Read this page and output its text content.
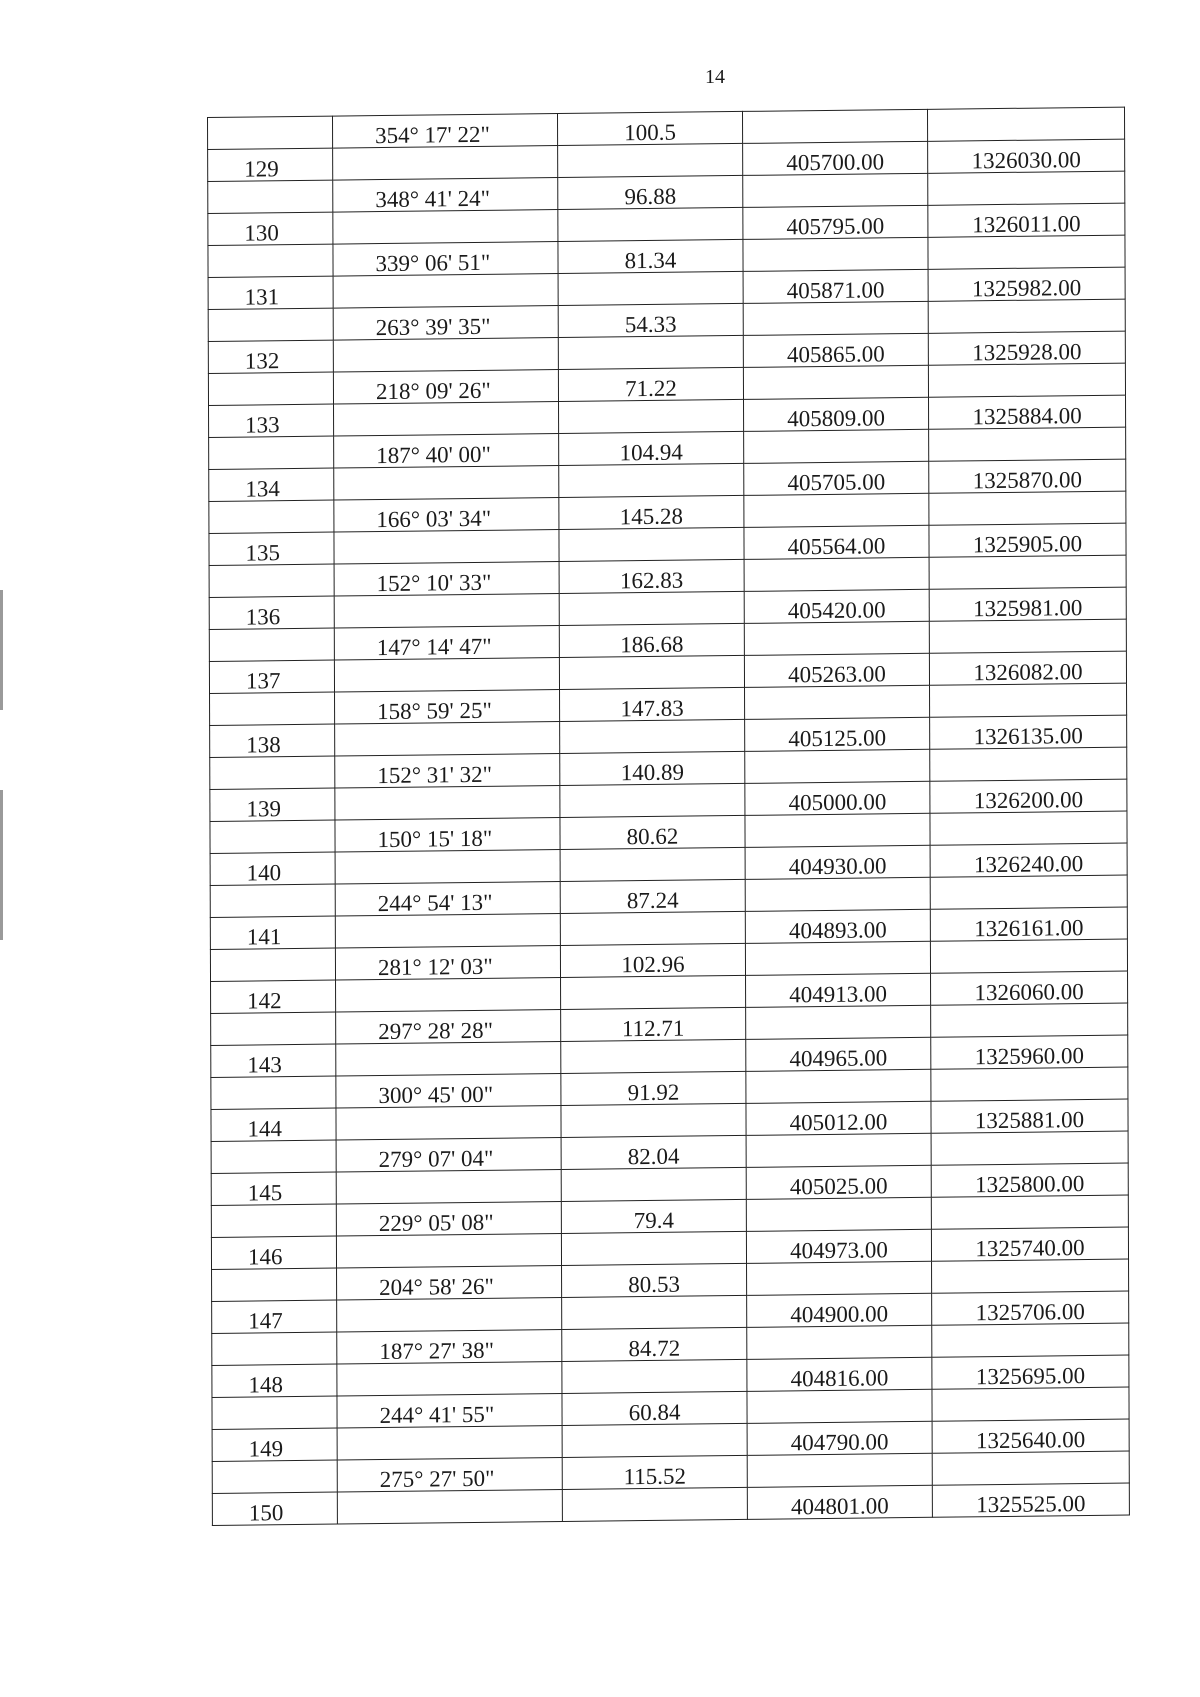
14
	354° 17' 22"	100.5		
129			405700.00	1326030.00
	348° 41' 24"	96.88		
130			405795.00	1326011.00
	339° 06' 51"	81.34		
131			405871.00	1325982.00
	263° 39' 35"	54.33		
132			405865.00	1325928.00
	218° 09' 26"	71.22		
133			405809.00	1325884.00
	187° 40' 00"	104.94		
134			405705.00	1325870.00
	166° 03' 34"	145.28		
135			405564.00	1325905.00
	152° 10' 33"	162.83		
136			405420.00	1325981.00
	147° 14' 47"	186.68		
137			405263.00	1326082.00
	158° 59' 25"	147.83		
138			405125.00	1326135.00
	152° 31' 32"	140.89		
139			405000.00	1326200.00
	150° 15' 18"	80.62		
140			404930.00	1326240.00
	244° 54' 13"	87.24		
141			404893.00	1326161.00
	281° 12' 03"	102.96		
142			404913.00	1326060.00
	297° 28' 28"	112.71		
143			404965.00	1325960.00
	300° 45' 00"	91.92		
144			405012.00	1325881.00
	279° 07' 04"	82.04		
145			405025.00	1325800.00
	229° 05' 08"	79.4		
146			404973.00	1325740.00
	204° 58' 26"	80.53		
147			404900.00	1325706.00
	187° 27' 38"	84.72		
148			404816.00	1325695.00
	244° 41' 55"	60.84		
149			404790.00	1325640.00
	275° 27' 50"	115.52		
150			404801.00	1325525.00
